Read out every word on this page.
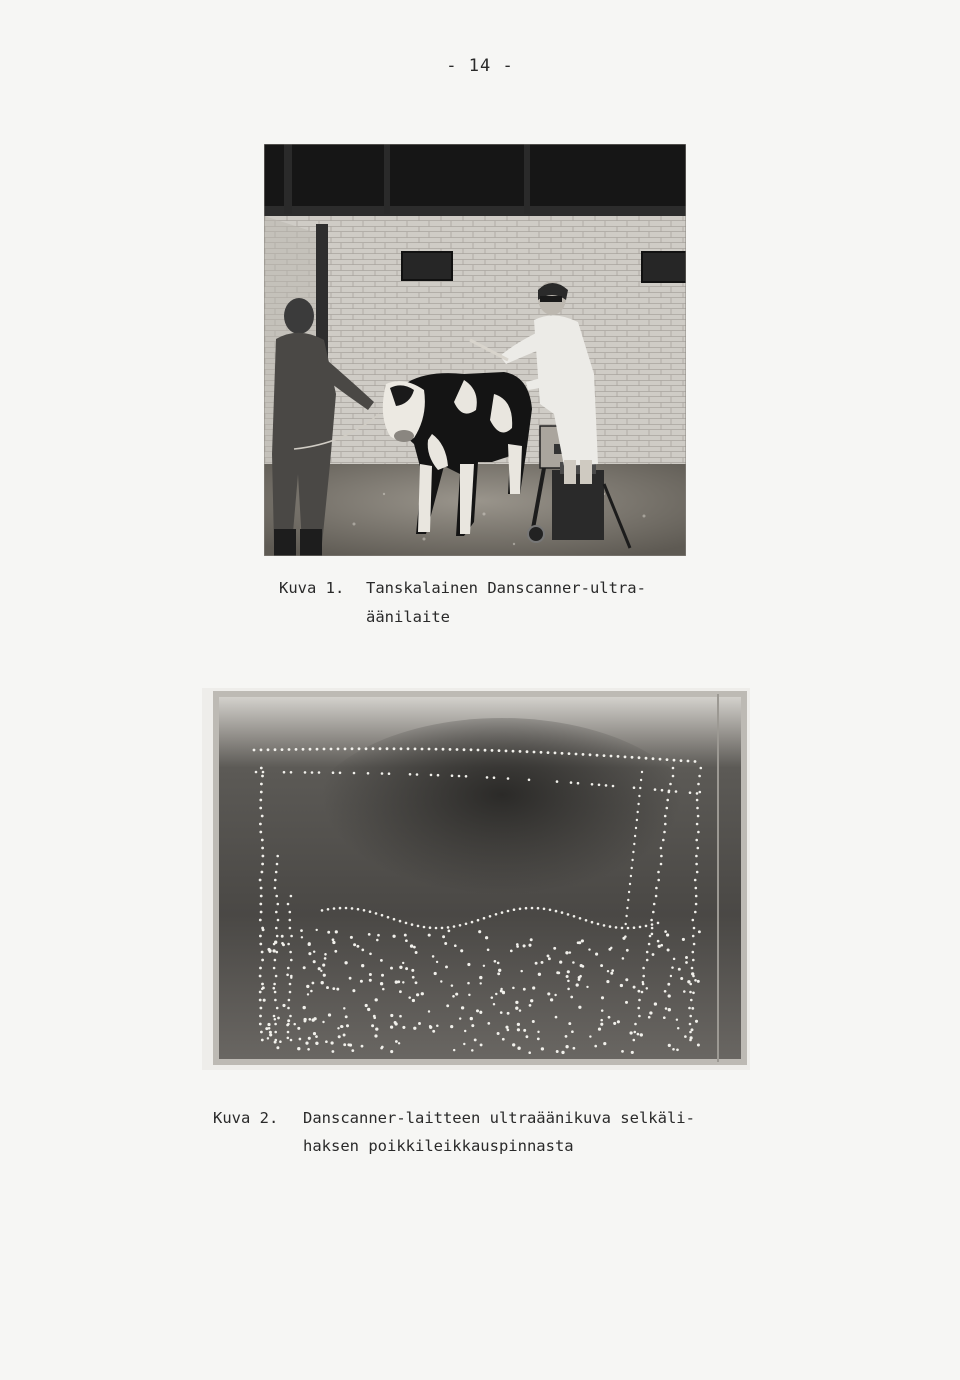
- 14 -
Kuva 1. Tanskalainen Danscanner-ultra-
äänilaite
Kuva 2. Danscanner-laitteen ultraäänikuva selkäli-
haksen poikkileikkauspinnasta
